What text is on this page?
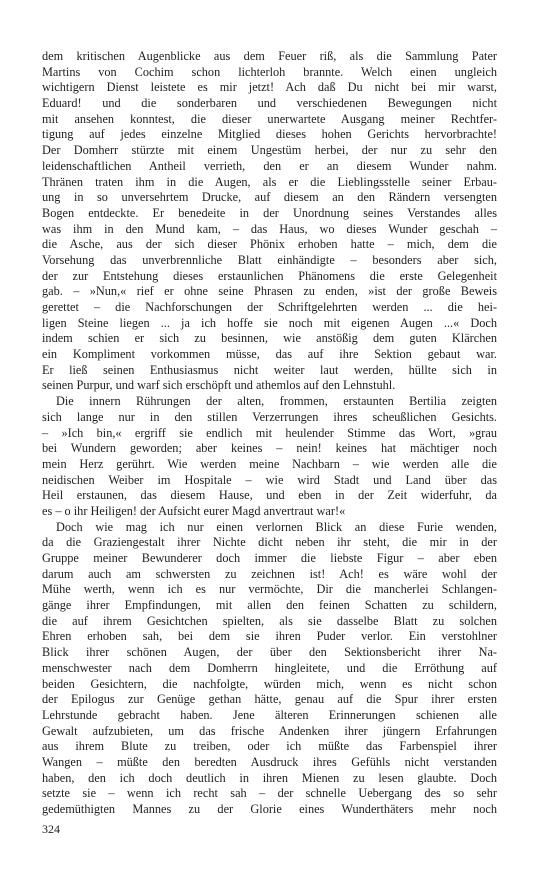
dem kritischen Augenblicke aus dem Feuer riß, als die Sammlung Pater
Martins von Cochim schon lichterloh brannte. Welch einen ungleich
wichtigern Dienst leistete es mir jetzt! Ach daß Du nicht bei mir warst,
Eduard! und die sonderbaren und verschiedenen Bewegungen nicht
mit ansehen konntest, die dieser unerwartete Ausgang meiner Rechtfer-
tigung auf jedes einzelne Mitglied dieses hohen Gerichts hervorbrachte!
Der Domherr stürzte mit einem Ungestüm herbei, der nur zu sehr den
leidenschaftlichen Antheil verrieth, den er an diesem Wunder nahm.
Thränen traten ihm in die Augen, als er die Lieblingsstelle seiner Erbau-
ung in so unversehrtem Drucke, auf diesem an den Rändern versengten
Bogen entdeckte. Er benedeite in der Unordnung seines Verstandes alles
was ihm in den Mund kam, – das Haus, wo dieses Wunder geschah –
die Asche, aus der sich dieser Phönix erhoben hatte – mich, dem die
Vorsehung das unverbrennliche Blatt einhändigte – besonders aber sich,
der zur Entstehung dieses erstaunlichen Phänomens die erste Gelegenheit
gab. – »Nun,« rief er ohne seine Phrasen zu enden, »ist der große Beweis
gerettet – die Nachforschungen der Schriftgelehrten werden ... die hei-
ligen Steine liegen ... ja ich hoffe sie noch mit eigenen Augen ...« Doch
indem schien er sich zu besinnen, wie anstößig dem guten Klärchen
ein Kompliment vorkommen müsse, das auf ihre Sektion gebaut war.
Er ließ seinen Enthusiasmus nicht weiter laut werden, hüllte sich in
seinen Purpur, und warf sich erschöpft und athemlos auf den Lehnstuhl.
Die innern Rührungen der alten, frommen, erstaunten Bertilia zeigten
sich lange nur in den stillen Verzerrungen ihres scheußlichen Gesichts.
– »Ich bin,« ergriff sie endlich mit heulender Stimme das Wort, »grau
bei Wundern geworden; aber keines – nein! keines hat mächtiger noch
mein Herz gerührt. Wie werden meine Nachbarn – wie werden alle die
neidischen Weiber im Hospitale – wie wird Stadt und Land über das
Heil erstaunen, das diesem Hause, und eben in der Zeit widerfuhr, da
es – o ihr Heiligen! der Aufsicht eurer Magd anvertraut war!«
Doch wie mag ich nur einen verlornen Blick an diese Furie wenden,
da die Graziengestalt ihrer Nichte dicht neben ihr steht, die mir in der
Gruppe meiner Bewunderer doch immer die liebste Figur – aber eben
darum auch am schwersten zu zeichnen ist! Ach! es wäre wohl der
Mühe werth, wenn ich es nur vermöchte, Dir die mancherlei Schlangen-
gänge ihrer Empfindungen, mit allen den feinen Schatten zu schildern,
die auf ihrem Gesichtchen spielten, als sie dasselbe Blatt zu solchen
Ehren erhoben sah, bei dem sie ihren Puder verlor. Ein verstohlner
Blick ihrer schönen Augen, der über den Sektionsbericht ihrer Na-
menschwester nach dem Domherrn hingleitete, und die Erröthung auf
beiden Gesichtern, die nachfolgte, würden mich, wenn es nicht schon
der Epilogus zur Genüge gethan hätte, genau auf die Spur ihrer ersten
Lehrstunde gebracht haben. Jene älteren Erinnerungen schienen alle
Gewalt aufzubieten, um das frische Andenken ihrer jüngern Erfahrungen
aus ihrem Blute zu treiben, oder ich müßte das Farbenspiel ihrer
Wangen – müßte den beredten Ausdruck ihres Gefühls nicht verstanden
haben, den ich doch deutlich in ihren Mienen zu lesen glaubte. Doch
setzte sie – wenn ich recht sah – der schnelle Uebergang des so sehr
gedemüthigten Mannes zu der Glorie eines Wunderthäters mehr noch
324
